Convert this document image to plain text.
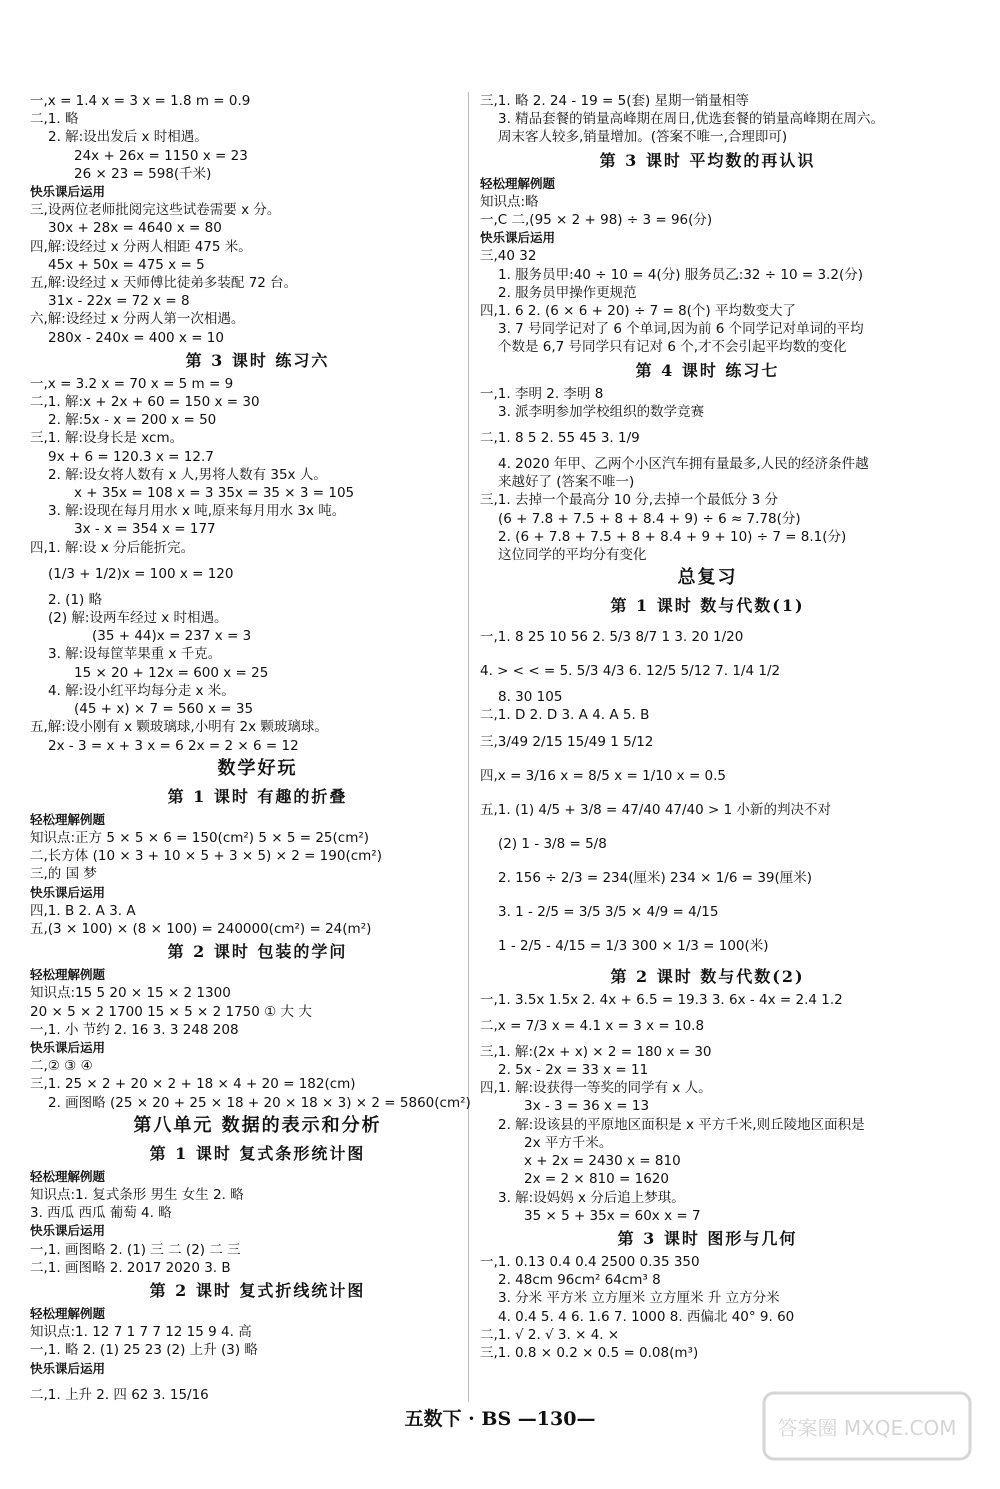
一,x = 1.4 x = 3 x = 1.8 m = 0.9
二,1. 略
2. 解:设出发后 x 时相遇。
24x + 26x = 1150 x = 23
26 × 23 = 598(千米)
快乐课后运用
三,设两位老师批阅完这些试卷需要 x 分。
30x + 28x = 4640 x = 80
四,解:设经过 x 分两人相距 475 米。
45x + 50x = 475 x = 5
五,解:设经过 x 天师傅比徒弟多装配 72 台。
31x - 22x = 72 x = 8
六,解:设经过 x 分两人第一次相遇。
280x - 240x = 400 x = 10
第 3 课时 练习六
一,x = 3.2 x = 70 x = 5 m = 9
二,1. 解:x + 2x + 60 = 150 x = 30
2. 解:5x - x = 200 x = 50
三,1. 解:设身长是 xcm。
9x + 6 = 120.3 x = 12.7
2. 解:设女将人数有 x 人,男将人数有 35x 人。
x + 35x = 108 x = 3 35x = 35 × 3 = 105
3. 解:设现在每月用水 x 吨,原来每月用水 3x 吨。
3x - x = 354 x = 177
四,1. 解:设 x 分后能折完。
(1/3 + 1/2)x = 100 x = 120
2. (1) 略
(2) 解:设两车经过 x 时相遇。
(35 + 44)x = 237 x = 3
3. 解:设每筐苹果重 x 千克。
15 × 20 + 12x = 600 x = 25
4. 解:设小红平均每分走 x 米。
(45 + x) × 7 = 560 x = 35
五,解:设小刚有 x 颗玻璃球,小明有 2x 颗玻璃球。
2x - 3 = x + 3 x = 6 2x = 2 × 6 = 12
数学好玩
第 1 课时 有趣的折叠
轻松理解例题
知识点:正方 5 × 5 × 6 = 150(cm²) 5 × 5 = 25(cm²)
二,长方体 (10 × 3 + 10 × 5 + 3 × 5) × 2 = 190(cm²)
三,的 国 梦
快乐课后运用
四,1. B 2. A 3. A
五,(3 × 100) × (8 × 100) = 240000(cm²) = 24(m²)
第 2 课时 包装的学问
轻松理解例题
知识点:15 5 20 × 15 × 2 1300
20 × 5 × 2 1700 15 × 5 × 2 1750 ① 大 大
一,1. 小 节约 2. 16 3. 3 248 208
快乐课后运用
二,② ③ ④
三,1. 25 × 2 + 20 × 2 + 18 × 4 + 20 = 182(cm)
2. 画图略 (25 × 20 + 25 × 18 + 20 × 18 × 3) × 2 = 5860(cm²)
第八单元 数据的表示和分析
第 1 课时 复式条形统计图
轻松理解例题
知识点:1. 复式条形 男生 女生 2. 略
3. 西瓜 西瓜 葡萄 4. 略
快乐课后运用
一,1. 画图略 2. (1) 三 二 (2) 二 三
二,1. 画图略 2. 2017 2020 3. B
第 2 课时 复式折线统计图
轻松理解例题
知识点:1. 12 7 1 7 7 12 15 9 4. 高
一,1. 略 2. (1) 25 23 (2) 上升 (3) 略
快乐课后运用
二,1. 上升 2. 四 62 3. 15/16
三,1. 略 2. 24 - 19 = 5(套) 星期一销量相等
3. 精品套餐的销量高峰期在周日,优选套餐的销量高峰期在周六。
周末客人较多,销量增加。(答案不唯一,合理即可)
第 3 课时 平均数的再认识
轻松理解例题
知识点:略
一,C 二,(95 × 2 + 98) ÷ 3 = 96(分)
快乐课后运用
三,40 32
1. 服务员甲:40 ÷ 10 = 4(分) 服务员乙:32 ÷ 10 = 3.2(分)
2. 服务员甲操作更规范
四,1. 6 2. (6 × 6 + 20) ÷ 7 = 8(个) 平均数变大了
3. 7 号同学记对了 6 个单词,因为前 6 个同学记对单词的平均
个数是 6,7 号同学只有记对 6 个,才不会引起平均数的变化
第 4 课时 练习七
一,1. 李明 2. 李明 8
3. 派李明参加学校组织的数学竞赛
二,1. 8 5 2. 55 45 3. 1/9
4. 2020 年甲、乙两个小区汽车拥有量最多,人民的经济条件越
来越好了 (答案不唯一)
三,1. 去掉一个最高分 10 分,去掉一个最低分 3 分
(6 + 7.8 + 7.5 + 8 + 8.4 + 9) ÷ 6 ≈ 7.78(分)
2. (6 + 7.8 + 7.5 + 8 + 8.4 + 9 + 10) ÷ 7 = 8.1(分)
这位同学的平均分有变化
总复习
第 1 课时 数与代数(1)
一,1. 8 25 10 56 2. 5/3 8/7 1 3. 20 1/20
4. > < < = 5. 5/3 4/3 6. 12/5 5/12 7. 1/4 1/2
8. 30 105
二,1. D 2. D 3. A 4. A 5. B
三,3/49 2/15 15/49 1 5/12
四,x = 3/16 x = 8/5 x = 1/10 x = 0.5
五,1. (1) 4/5 + 3/8 = 47/40 47/40 > 1 小新的判决不对
(2) 1 - 3/8 = 5/8
2. 156 ÷ 2/3 = 234(厘米) 234 × 1/6 = 39(厘米)
3. 1 - 2/5 = 3/5 3/5 × 4/9 = 4/15
1 - 2/5 - 4/15 = 1/3 300 × 1/3 = 100(米)
第 2 课时 数与代数(2)
一,1. 3.5x 1.5x 2. 4x + 6.5 = 19.3 3. 6x - 4x = 2.4 1.2
二,x = 7/3 x = 4.1 x = 3 x = 10.8
三,1. 解:(2x + x) × 2 = 180 x = 30
2. 5x - 2x = 33 x = 11
四,1. 解:设获得一等奖的同学有 x 人。
3x - 3 = 36 x = 13
2. 解:设该县的平原地区面积是 x 平方千米,则丘陵地区面积是
2x 平方千米。
x + 2x = 2430 x = 810
2x = 2 × 810 = 1620
3. 解:设妈妈 x 分后追上梦琪。
35 × 5 + 35x = 60x x = 7
第 3 课时 图形与几何
一,1. 0.13 0.4 0.4 2500 0.35 350
2. 48cm 96cm² 64cm³ 8
3. 分米 平方米 立方厘米 立方厘米 升 立方分米
4. 0.4 5. 4 6. 1.6 7. 1000 8. 西偏北 40° 9. 60
二,1. √ 2. √ 3. × 4. ×
三,1. 0.8 × 0.2 × 0.5 = 0.08(m³)
五数下 · BS —130—	答案圈 MXQE.COM
